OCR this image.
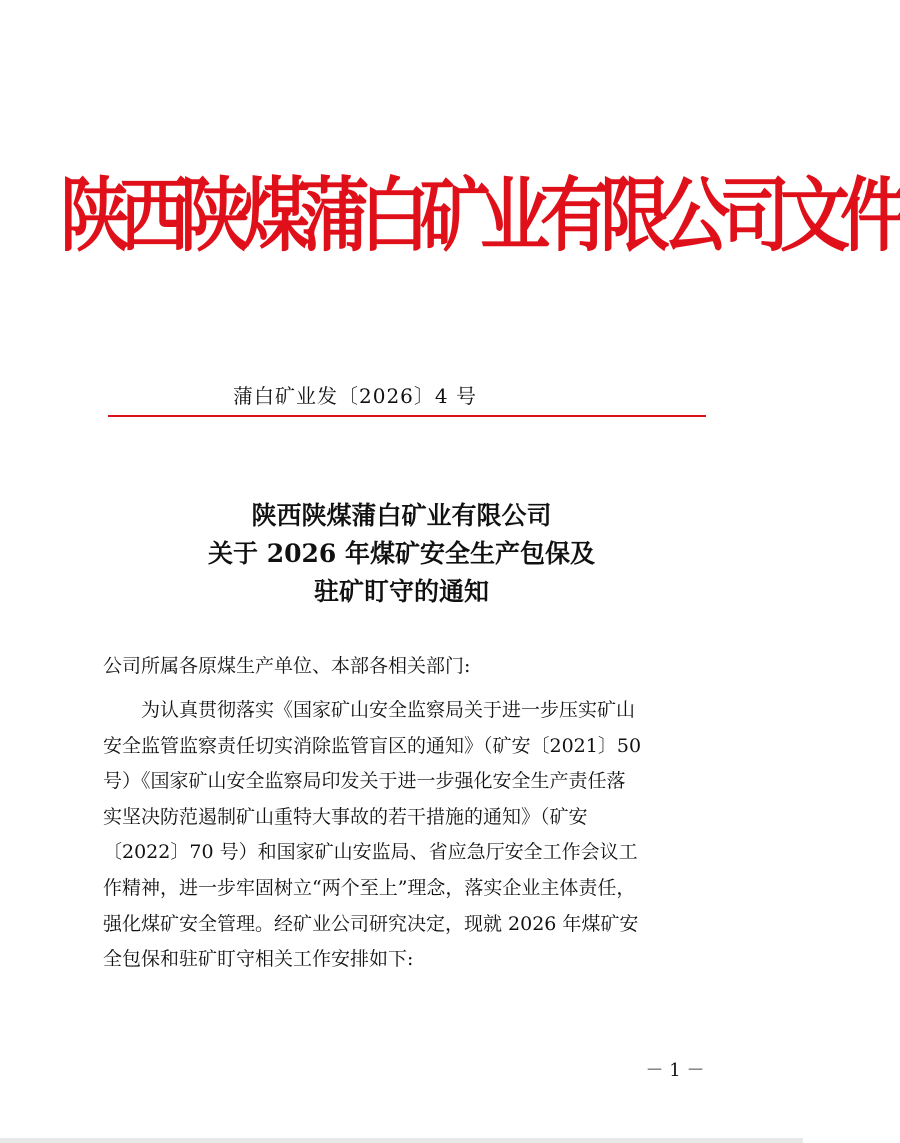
陕西陕煤蒲白矿业有限公司文件
蒲白矿业发〔2026〕4 号
陕西陕煤蒲白矿业有限公司
关于 2026 年煤矿安全生产包保及
驻矿盯守的通知
公司所属各原煤生产单位、本部各相关部门:
　　为认真贯彻落实《国家矿山安全监察局关于进一步压实矿山
安全监管监察责任切实消除监管盲区的通知》（矿安〔2021〕50
号）《国家矿山安全监察局印发关于进一步强化安全生产责任落
实坚决防范遏制矿山重特大事故的若干措施的通知》（矿安
〔2022〕70 号）和国家矿山安监局、省应急厅安全工作会议工
作精神，进一步牢固树立“两个至上”理念，落实企业主体责任，
强化煤矿安全管理。经矿业公司研究决定，现就 2026 年煤矿安
全包保和驻矿盯守相关工作安排如下:
－ 1 －
